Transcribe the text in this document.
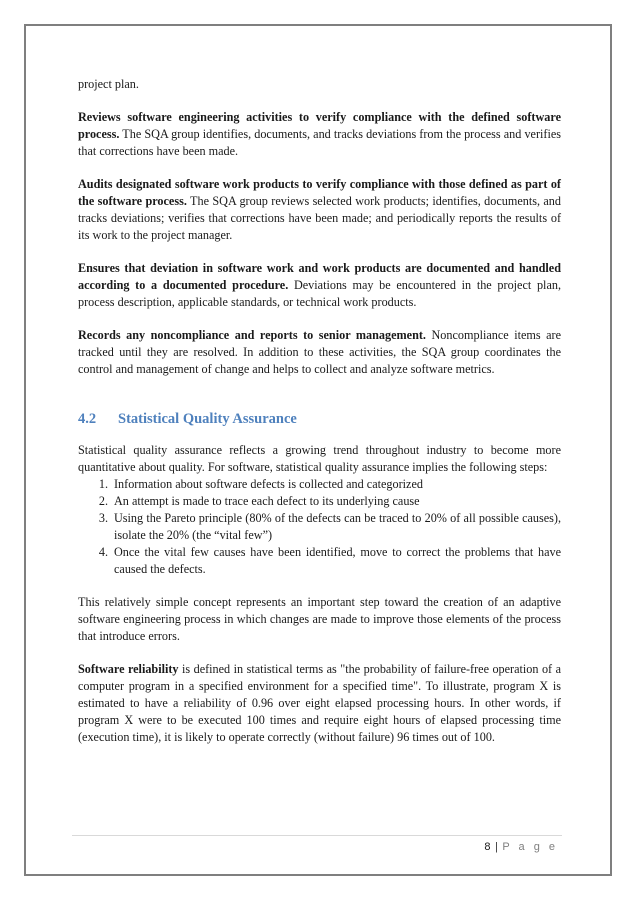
project plan.

Reviews software engineering activities to verify compliance with the defined software process. The SQA group identifies, documents, and tracks deviations from the process and verifies that corrections have been made.

Audits designated software work products to verify compliance with those defined as part of the software process. The SQA group reviews selected work products; identifies, documents, and tracks deviations; verifies that corrections have been made; and periodically reports the results of its work to the project manager.

Ensures that deviation in software work and work products are documented and handled according to a documented procedure. Deviations may be encountered in the project plan, process description, applicable standards, or technical work products.

Records any noncompliance and reports to senior management. Noncompliance items are tracked until they are resolved. In addition to these activities, the SQA group coordinates the control and management of change and helps to collect and analyze software metrics.

4.2	Statistical Quality Assurance

Statistical quality assurance reflects a growing trend throughout industry to become more quantitative about quality. For software, statistical quality assurance implies the following steps:

1. Information about software defects is collected and categorized
2. An attempt is made to trace each defect to its underlying cause
3. Using the Pareto principle (80% of the defects can be traced to 20% of all possible causes), isolate the 20% (the “vital few”)
4. Once the vital few causes have been identified, move to correct the problems that have caused the defects.

This relatively simple concept represents an important step toward the creation of an adaptive software engineering process in which changes are made to improve those elements of the process that introduce errors.

Software reliability is defined in statistical terms as "the probability of failure-free operation of a computer program in a specified environment for a specified time". To illustrate, program X is estimated to have a reliability of 0.96 over eight elapsed processing hours. In other words, if program X were to be executed 100 times and require eight hours of elapsed processing time (execution time), it is likely to operate correctly (without failure) 96 times out of 100.

8 | P a g e
